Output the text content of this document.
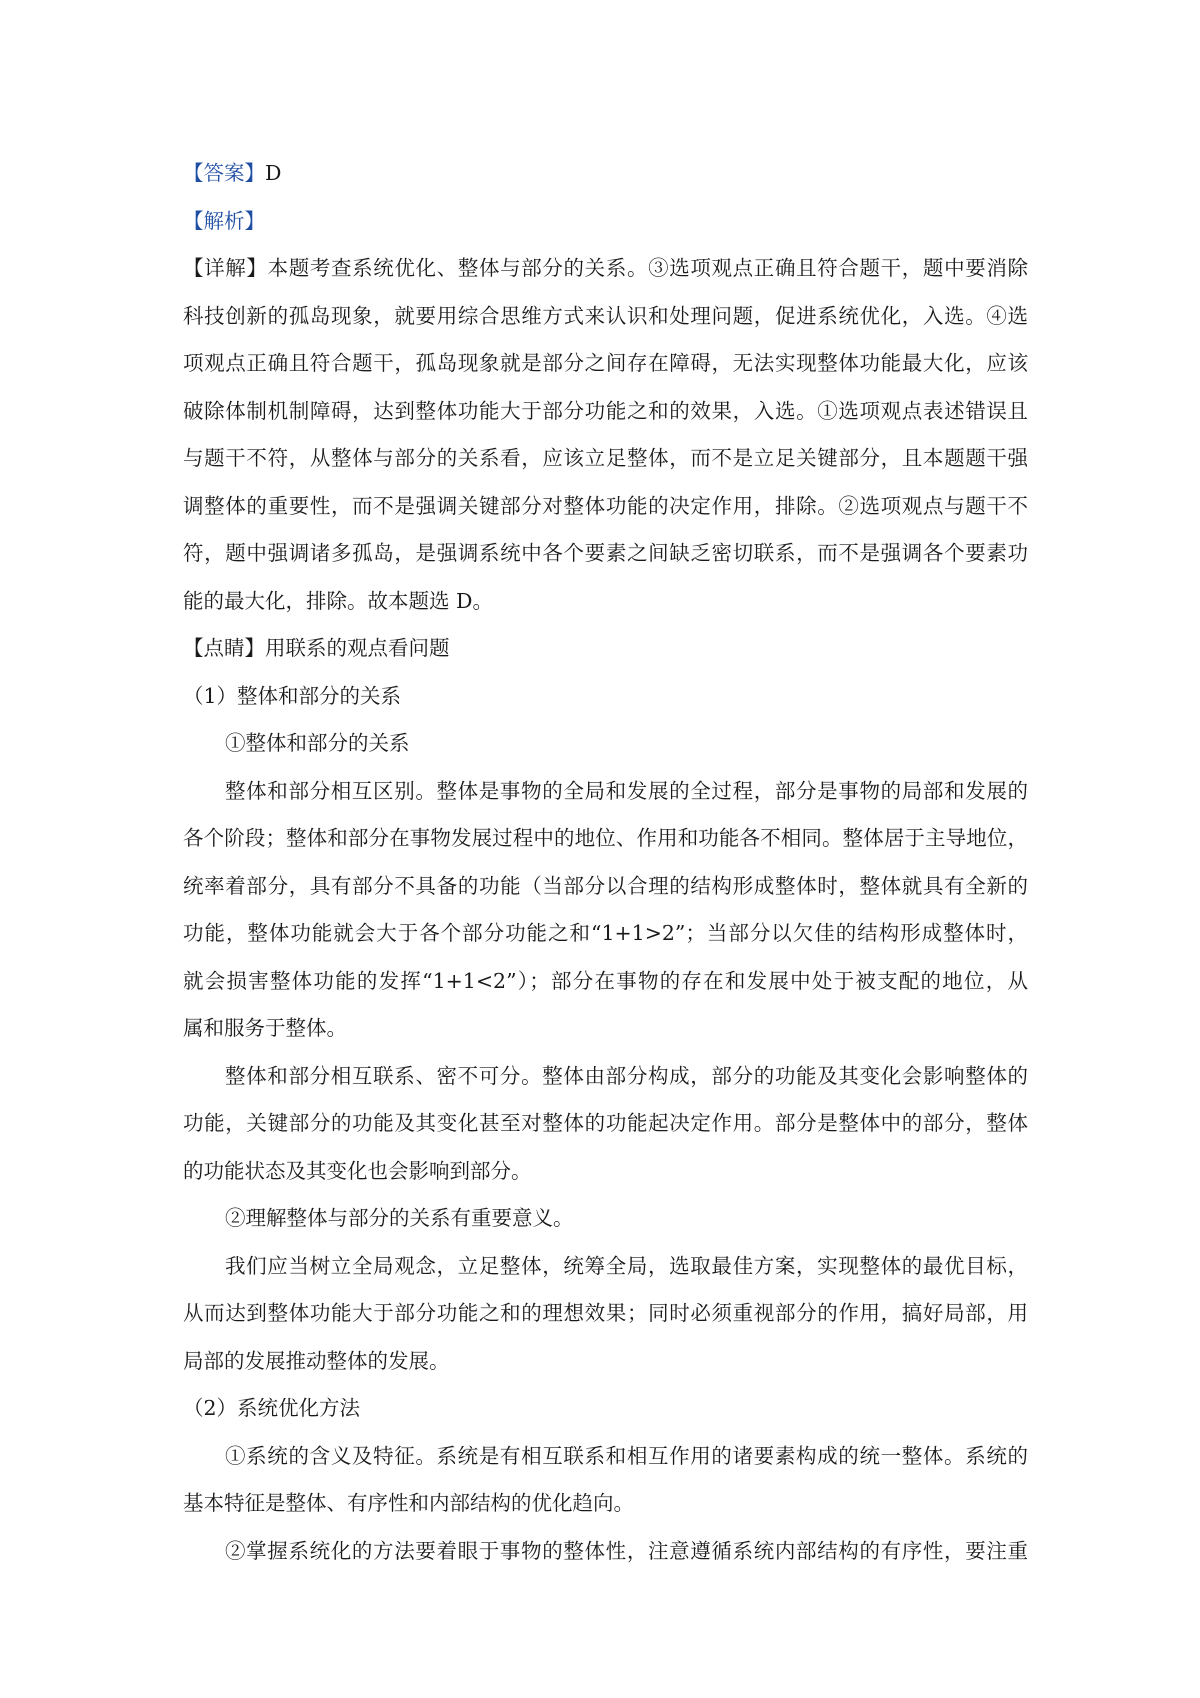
【答案】D

【解析】

【详解】本题考查系统优化、整体与部分的关系。③选项观点正确且符合题干，题中要消除

科技创新的孤岛现象，就要用综合思维方式来认识和处理问题，促进系统优化，入选。④选

项观点正确且符合题干，孤岛现象就是部分之间存在障碍，无法实现整体功能最大化，应该

破除体制机制障碍，达到整体功能大于部分功能之和的效果，入选。①选项观点表述错误且

与题干不符，从整体与部分的关系看，应该立足整体，而不是立足关键部分，且本题题干强

调整体的重要性，而不是强调关键部分对整体功能的决定作用，排除。②选项观点与题干不

符，题中强调诸多孤岛，是强调系统中各个要素之间缺乏密切联系，而不是强调各个要素功

能的最大化，排除。故本题选 D。

【点睛】用联系的观点看问题

（1）整体和部分的关系

①整体和部分的关系

整体和部分相互区别。整体是事物的全局和发展的全过程，部分是事物的局部和发展的

各个阶段；整体和部分在事物发展过程中的地位、作用和功能各不相同。整体居于主导地位，

统率着部分，具有部分不具备的功能（当部分以合理的结构形成整体时，整体就具有全新的

功能，整体功能就会大于各个部分功能之和“1+1>2”；当部分以欠佳的结构形成整体时，

就会损害整体功能的发挥“1+1<2”）；部分在事物的存在和发展中处于被支配的地位，从

属和服务于整体。

整体和部分相互联系、密不可分。整体由部分构成，部分的功能及其变化会影响整体的

功能，关键部分的功能及其变化甚至对整体的功能起决定作用。部分是整体中的部分，整体

的功能状态及其变化也会影响到部分。

②理解整体与部分的关系有重要意义。

我们应当树立全局观念，立足整体，统筹全局，选取最佳方案，实现整体的最优目标，

从而达到整体功能大于部分功能之和的理想效果；同时必须重视部分的作用，搞好局部，用

局部的发展推动整体的发展。

（2）系统优化方法

①系统的含义及特征。系统是有相互联系和相互作用的诸要素构成的统一整体。系统的

基本特征是整体、有序性和内部结构的优化趋向。

②掌握系统化的方法要着眼于事物的整体性，注意遵循系统内部结构的有序性，要注重
